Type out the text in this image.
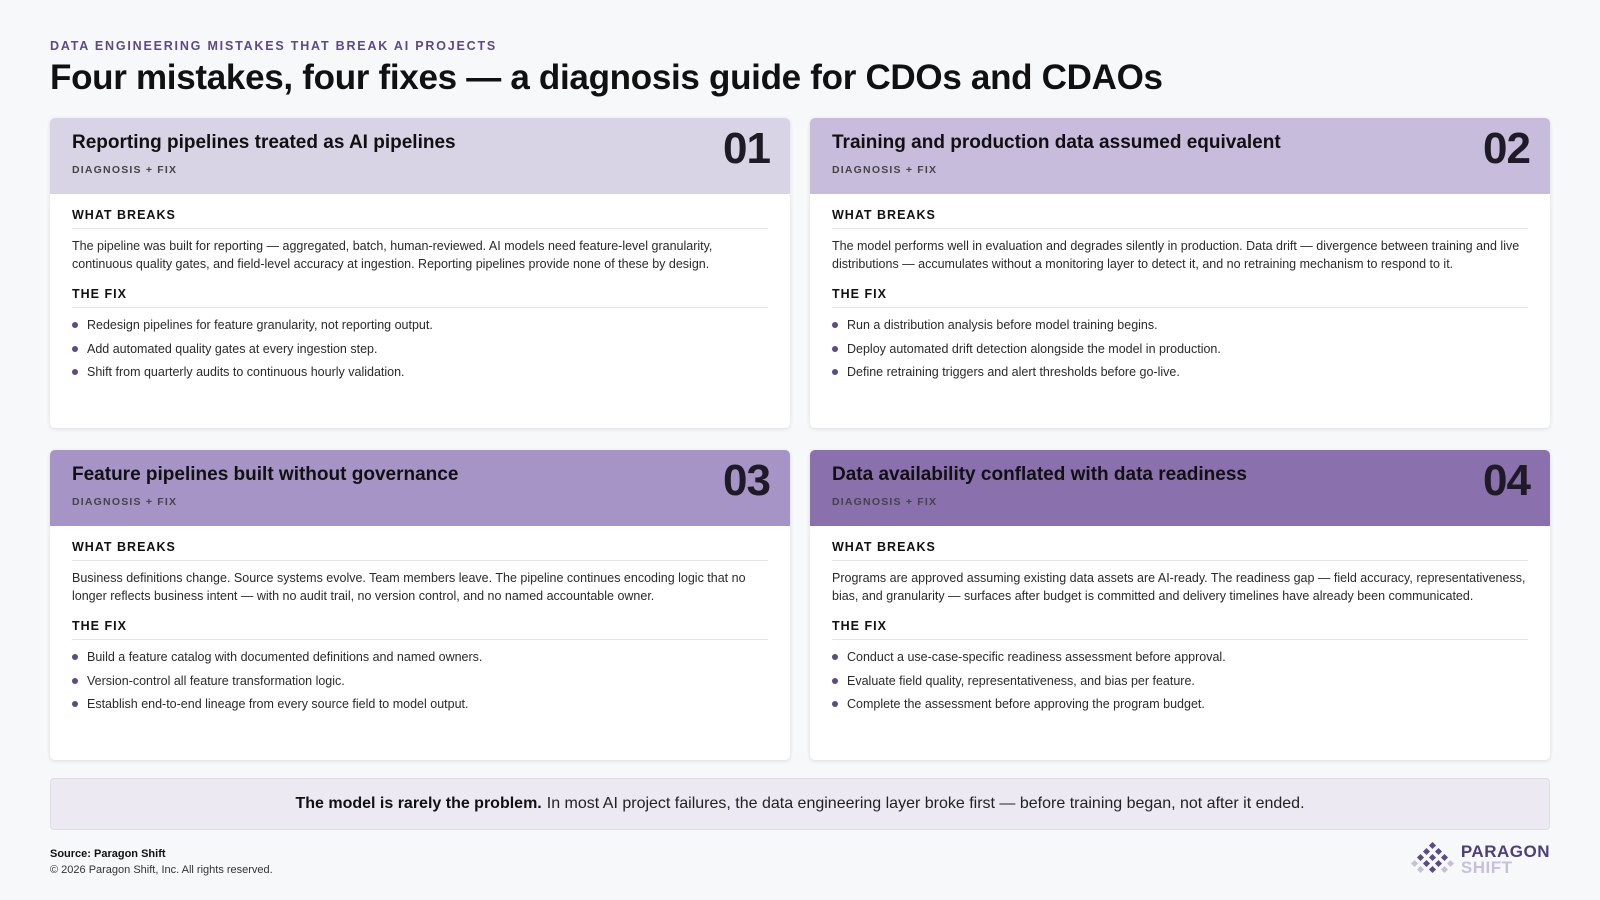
DATA ENGINEERING MISTAKES THAT BREAK AI PROJECTS
Four mistakes, four fixes — a diagnosis guide for CDOs and CDAOs
Reporting pipelines treated as AI pipelines
DIAGNOSIS + FIX	01
WHAT BREAKS
The pipeline was built for reporting — aggregated, batch, human-reviewed. AI models need feature-level granularity, continuous quality gates, and field-level accuracy at ingestion. Reporting pipelines provide none of these by design.
THE FIX
Redesign pipelines for feature granularity, not reporting output.
Add automated quality gates at every ingestion step.
Shift from quarterly audits to continuous hourly validation.
Training and production data assumed equivalent
DIAGNOSIS + FIX	02
WHAT BREAKS
The model performs well in evaluation and degrades silently in production. Data drift — divergence between training and live distributions — accumulates without a monitoring layer to detect it, and no retraining mechanism to respond to it.
THE FIX
Run a distribution analysis before model training begins.
Deploy automated drift detection alongside the model in production.
Define retraining triggers and alert thresholds before go-live.
Feature pipelines built without governance
DIAGNOSIS + FIX	03
WHAT BREAKS
Business definitions change. Source systems evolve. Team members leave. The pipeline continues encoding logic that no longer reflects business intent — with no audit trail, no version control, and no named accountable owner.
THE FIX
Build a feature catalog with documented definitions and named owners.
Version-control all feature transformation logic.
Establish end-to-end lineage from every source field to model output.
Data availability conflated with data readiness
DIAGNOSIS + FIX	04
WHAT BREAKS
Programs are approved assuming existing data assets are AI-ready. The readiness gap — field accuracy, representativeness, bias, and granularity — surfaces after budget is committed and delivery timelines have already been communicated.
THE FIX
Conduct a use-case-specific readiness assessment before approval.
Evaluate field quality, representativeness, and bias per feature.
Complete the assessment before approving the program budget.
The model is rarely the problem. In most AI project failures, the data engineering layer broke first — before training began, not after it ended.
Source: Paragon Shift
© 2026 Paragon Shift, Inc. All rights reserved.
PARAGON
SHIFT
